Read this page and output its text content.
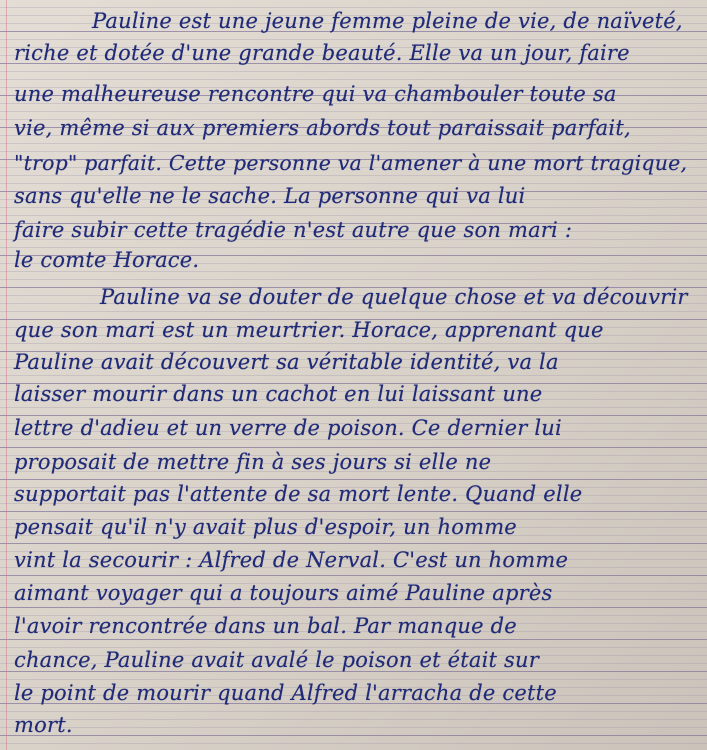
Pauline est une jeune femme pleine de vie, de naïveté,
riche et dotée d'une grande beauté. Elle va un jour, faire
une malheureuse rencontre qui va chambouler toute sa
vie, même si aux premiers abords tout paraissait parfait,
"trop" parfait. Cette personne va l'amener à une mort tragique,
sans qu'elle ne le sache. La personne qui va lui
faire subir cette tragédie n'est autre que son mari :
le comte Horace.
Pauline va se douter de quelque chose et va découvrir
que son mari est un meurtrier. Horace, apprenant que
Pauline avait découvert sa véritable identité, va la
laisser mourir dans un cachot en lui laissant une
lettre d'adieu et un verre de poison. Ce dernier lui
proposait de mettre fin à ses jours si elle ne
supportait pas l'attente de sa mort lente. Quand elle
pensait qu'il n'y avait plus d'espoir, un homme
vint la secourir : Alfred de Nerval. C'est un homme
aimant voyager qui a toujours aimé Pauline après
l'avoir rencontrée dans un bal. Par manque de
chance, Pauline avait avalé le poison et était sur
le point de mourir quand Alfred l'arracha de cette
mort.
